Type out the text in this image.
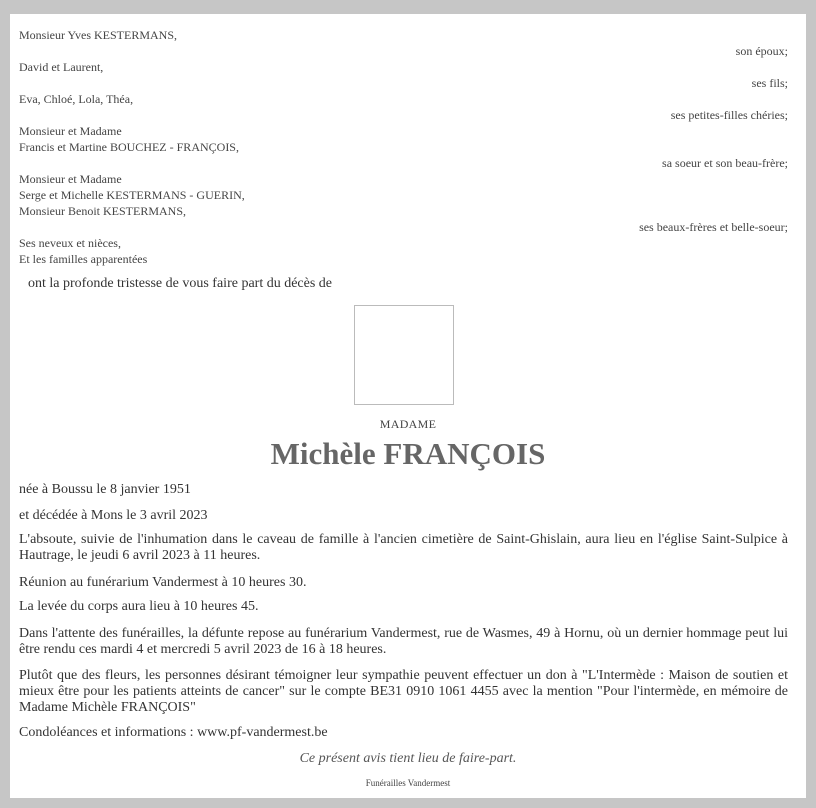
Monsieur Yves KESTERMANS,
son époux;
David et Laurent,
ses fils;
Eva, Chloé, Lola, Théa,
ses petites-filles chéries;
Monsieur et Madame
Francis et Martine BOUCHEZ - FRANÇOIS,
sa soeur et son beau-frère;
Monsieur et Madame
Serge et Michelle KESTERMANS - GUERIN,
Monsieur Benoit KESTERMANS,
ses beaux-frères et belle-soeur;
Ses neveux et nièces,
Et les familles apparentées
ont la profonde tristesse de vous faire part du décès de
MADAME
Michèle FRANÇOIS
née à Boussu le 8 janvier 1951
et décédée à Mons le 3 avril 2023
L'absoute, suivie de l'inhumation dans le caveau de famille à l'ancien cimetière de Saint-Ghislain, aura lieu en l'église Saint-Sulpice à Hautrage, le jeudi 6 avril 2023 à 11 heures.
Réunion au funérarium Vandermest à 10 heures 30.
La levée du corps aura lieu à 10 heures 45.
Dans l'attente des funérailles, la défunte repose au funérarium Vandermest, rue de Wasmes, 49 à Hornu, où un dernier hommage peut lui être rendu ces mardi 4 et mercredi 5 avril 2023 de 16 à 18 heures.
Plutôt que des fleurs, les personnes désirant témoigner leur sympathie peuvent effectuer un don à "L'Intermède : Maison de soutien et mieux être pour les patients atteints de cancer" sur le compte BE31 0910 1061 4455 avec la mention "Pour l'intermède, en mémoire de Madame Michèle FRANÇOIS"
Condoléances et informations : www.pf-vandermest.be
Ce présent avis tient lieu de faire-part.
Funérailles Vandermest
